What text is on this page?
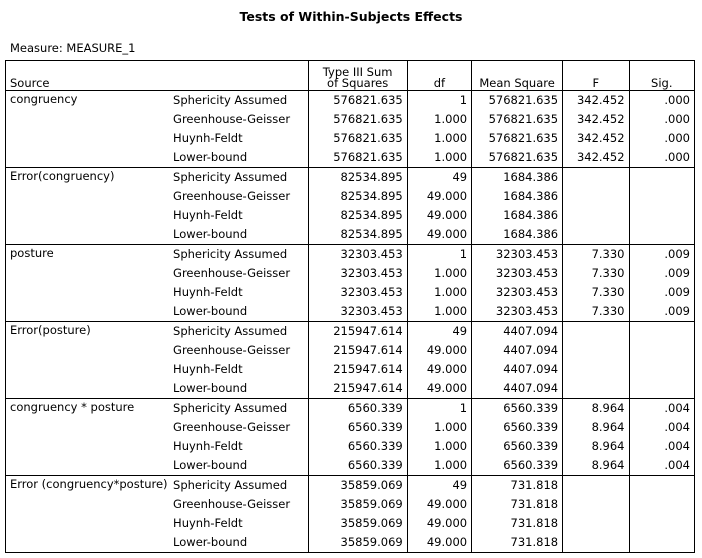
Tests of Within-Subjects Effects
Measure: MEASURE_1
Source		Type III Sum
of Squares	df	Mean Square	F	Sig.
congruency	Sphericity Assumed	576821.635	1	576821.635	342.452	.000
	Greenhouse-Geisser	576821.635	1.000	576821.635	342.452	.000
	Huynh-Feldt	576821.635	1.000	576821.635	342.452	.000
	Lower-bound	576821.635	1.000	576821.635	342.452	.000
Error(congruency)	Sphericity Assumed	82534.895	49	1684.386		
	Greenhouse-Geisser	82534.895	49.000	1684.386		
	Huynh-Feldt	82534.895	49.000	1684.386		
	Lower-bound	82534.895	49.000	1684.386		
posture	Sphericity Assumed	32303.453	1	32303.453	7.330	.009
	Greenhouse-Geisser	32303.453	1.000	32303.453	7.330	.009
	Huynh-Feldt	32303.453	1.000	32303.453	7.330	.009
	Lower-bound	32303.453	1.000	32303.453	7.330	.009
Error(posture)	Sphericity Assumed	215947.614	49	4407.094		
	Greenhouse-Geisser	215947.614	49.000	4407.094		
	Huynh-Feldt	215947.614	49.000	4407.094		
	Lower-bound	215947.614	49.000	4407.094		
congruency * posture	Sphericity Assumed	6560.339	1	6560.339	8.964	.004
	Greenhouse-Geisser	6560.339	1.000	6560.339	8.964	.004
	Huynh-Feldt	6560.339	1.000	6560.339	8.964	.004
	Lower-bound	6560.339	1.000	6560.339	8.964	.004
Error (congruency*posture)	Sphericity Assumed	35859.069	49	731.818		
	Greenhouse-Geisser	35859.069	49.000	731.818		
	Huynh-Feldt	35859.069	49.000	731.818		
	Lower-bound	35859.069	49.000	731.818		
